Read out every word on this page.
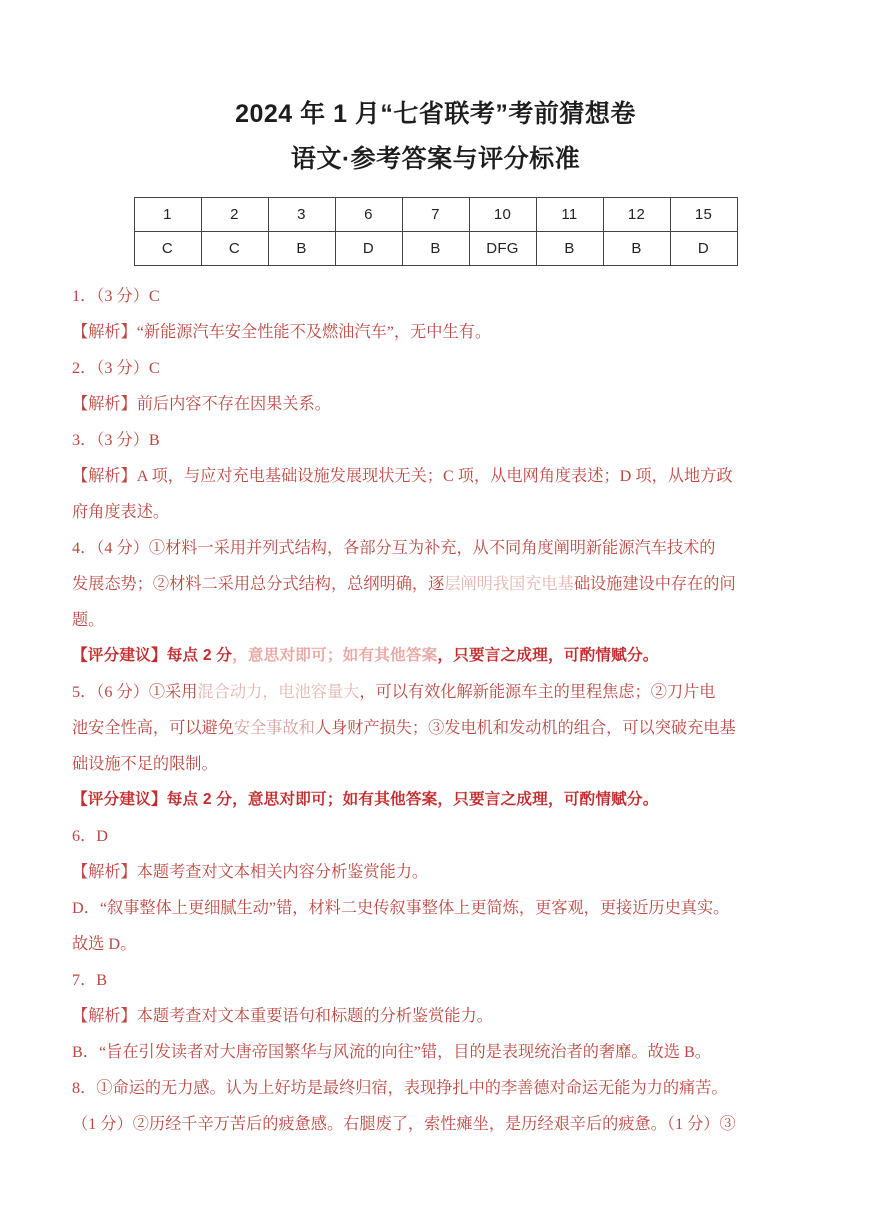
2024 年 1 月“七省联考”考前猜想卷
语文·参考答案与评分标准
1	2	3	6	7	10	11	12	15
C	C	B	D	B	DFG	B	B	D

1．（3 分）C

【解析】“新能源汽车安全性能不及燃油汽车”，无中生有。

2．（3 分）C

【解析】前后内容不存在因果关系。

3．（3 分）B

【解析】A 项，与应对充电基础设施发展现状无关；C 项，从电网角度表述；D 项，从地方政

府角度表述。

4．（4 分）①材料一采用并列式结构，各部分互为补充，从不同角度阐明新能源汽车技术的

发展态势；②材料二采用总分式结构，总纲明确，逐层阐明我国充电基础设施建设中存在的问

题。

【评分建议】每点 2 分，意思对即可；如有其他答案，只要言之成理，可酌情赋分。

5．（6 分）①采用混合动力，电池容量大，可以有效化解新能源车主的里程焦虑；②刀片电

池安全性高，可以避免安全事故和人身财产损失；③发电机和发动机的组合，可以突破充电基

础设施不足的限制。

【评分建议】每点 2 分，意思对即可；如有其他答案，只要言之成理，可酌情赋分。

6．D

【解析】本题考查对文本相关内容分析鉴赏能力。

D．“叙事整体上更细腻生动”错，材料二史传叙事整体上更简炼，更客观，更接近历史真实。

故选 D。

7．B

【解析】本题考查对文本重要语句和标题的分析鉴赏能力。

B．“旨在引发读者对大唐帝国繁华与风流的向往”错，目的是表现统治者的奢靡。故选 B。

8．①命运的无力感。认为上好坊是最终归宿，表现挣扎中的李善德对命运无能为力的痛苦。

（1 分）②历经千辛万苦后的疲惫感。右腿废了，索性瘫坐，是历经艰辛后的疲惫。（1 分）③
